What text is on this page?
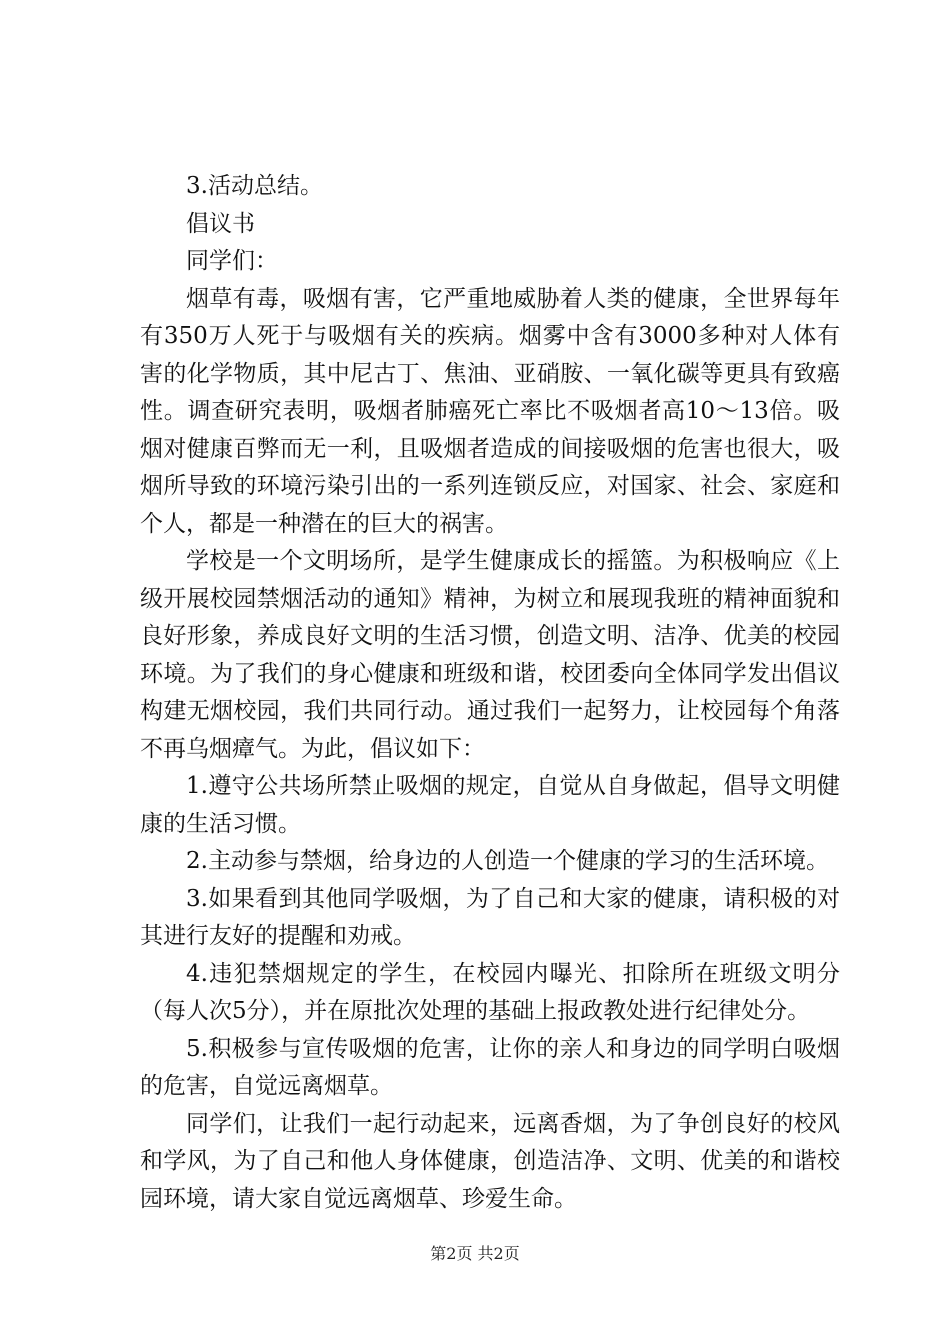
3.活动总结。

倡议书

同学们：

烟草有毒，吸烟有害，它严重地威胁着人类的健康，全世界每年有350万人死于与吸烟有关的疾病。烟雾中含有3000多种对人体有害的化学物质，其中尼古丁、焦油、亚硝胺、一氧化碳等更具有致癌性。调查研究表明，吸烟者肺癌死亡率比不吸烟者高10～13倍。吸烟对健康百弊而无一利，且吸烟者造成的间接吸烟的危害也很大，吸烟所导致的环境污染引出的一系列连锁反应，对国家、社会、家庭和个人，都是一种潜在的巨大的祸害。

学校是一个文明场所，是学生健康成长的摇篮。为积极响应《上级开展校园禁烟活动的通知》精神，为树立和展现我班的精神面貌和良好形象，养成良好文明的生活习惯，创造文明、洁净、优美的校园环境。为了我们的身心健康和班级和谐，校团委向全体同学发出倡议构建无烟校园，我们共同行动。通过我们一起努力，让校园每个角落不再乌烟瘴气。为此，倡议如下：

1.遵守公共场所禁止吸烟的规定，自觉从自身做起，倡导文明健康的生活习惯。

2.主动参与禁烟，给身边的人创造一个健康的学习的生活环境。

3.如果看到其他同学吸烟，为了自己和大家的健康，请积极的对其进行友好的提醒和劝戒。

4.违犯禁烟规定的学生，在校园内曝光、扣除所在班级文明分（每人次5分），并在原批次处理的基础上报政教处进行纪律处分。

5.积极参与宣传吸烟的危害，让你的亲人和身边的同学明白吸烟的危害，自觉远离烟草。

同学们，让我们一起行动起来，远离香烟，为了争创良好的校风和学风，为了自己和他人身体健康，创造洁净、文明、优美的和谐校园环境，请大家自觉远离烟草、珍爱生命。

第2页 共2页
